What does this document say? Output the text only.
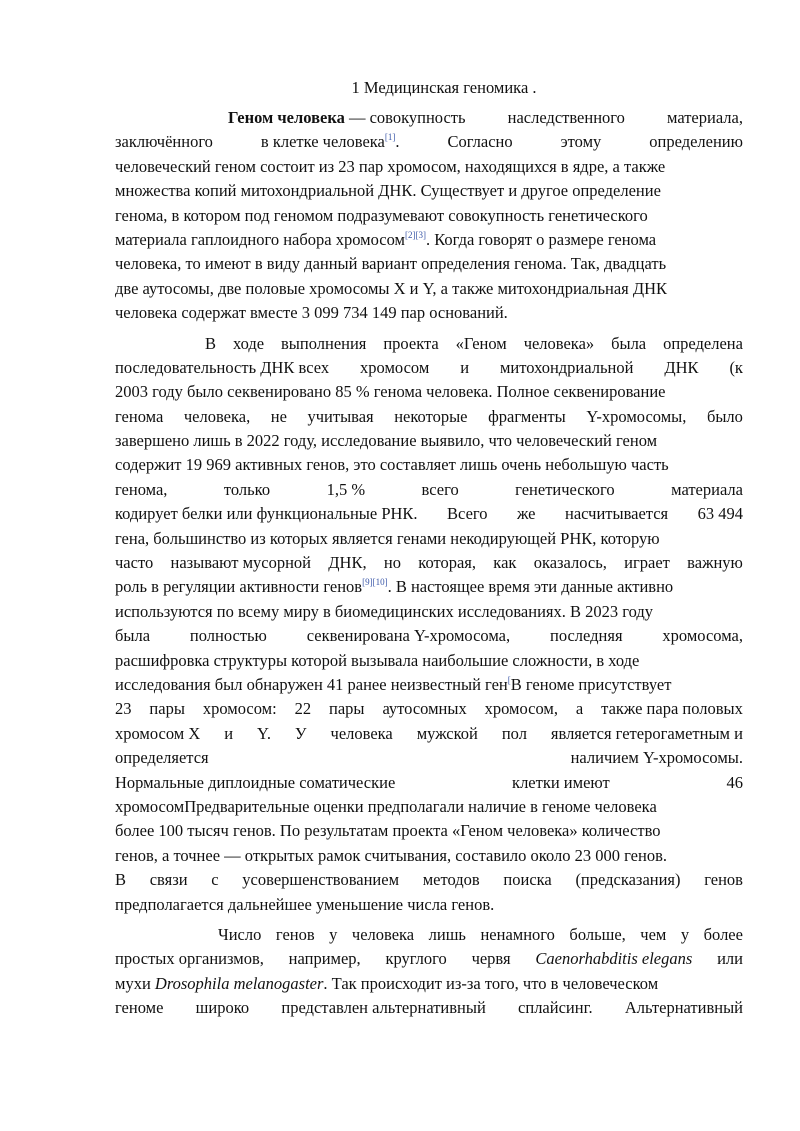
1 Медицинская геномика .
Геном человека — совокупность	наследственного	материала,
заключённого	в клетке человека[1].	Согласно	этому	определению
человеческий геном состоит из 23 пар хромосом, находящихся в ядре, а также
множества копий митохондриальной ДНК. Существует и другое определение
генома, в котором под геномом подразумевают совокупность генетического
материала гаплоидного набора хромосом[2][3]. Когда говорят о размере генома
человека, то имеют в виду данный вариант определения генома. Так, двадцать
две аутосомы, две половые хромосомы X и Y, а также митохондриальная ДНК
человека содержат вместе 3 099 734 149 пар оснований.
В ходе выполнения проекта «Геном человека» была определена
последовательность ДНК всех хромосом и митохондриальной ДНК (к
2003 году было секвенировано 85 % генома человека. Полное секвенирование
генома человека, не учитывая некоторые фрагменты Y-хромосомы, было
завершено лишь в 2022 году, исследование выявило, что человеческий геном
содержит 19 969 активных генов, это составляет лишь очень небольшую часть
генома,	только	1,5 %	всего	генетического	материала
кодирует белки или функциональные РНК. Всего же насчитывается 63 494
гена, большинство из которых является генами некодирующей РНК, которую
часто называют мусорной ДНК, но которая, как оказалось, играет важную
роль в регуляции активности генов[9][10]. В настоящее время эти данные активно
используются по всему миру в биомедицинских исследованиях. В 2023 году
была полностью секвенирована Y-хромосома, последняя хромосома,
расшифровка структуры которой вызывала наибольшие сложности, в ходе
исследования был обнаружен 41 ранее неизвестный ген[В геноме присутствует
23 пары хромосом: 22 пары аутосомных хромосом, а также пара половых
хромосом X и Y. У человека мужской пол является гетерогаметным и
определяется	наличием Y-хромосомы.
Нормальные диплоидные соматические	клетки имеют	46
хромосомПредварительные оценки предполагали наличие в геноме человека
более 100 тысяч генов. По результатам проекта «Геном человека» количество
генов, а точнее — открытых рамок считывания, составило около 23 000 генов.
В связи с усовершенствованием методов поиска (предсказания) генов
предполагается дальнейшее уменьшение числа генов.
Число генов у человека лишь ненамного больше, чем у более
простых организмов, например, круглого червя Caenorhabditis elegans или
мухи Drosophila melanogaster. Так происходит из-за того, что в человеческом
геноме широко представлен альтернативный сплайсинг. Альтернативный
